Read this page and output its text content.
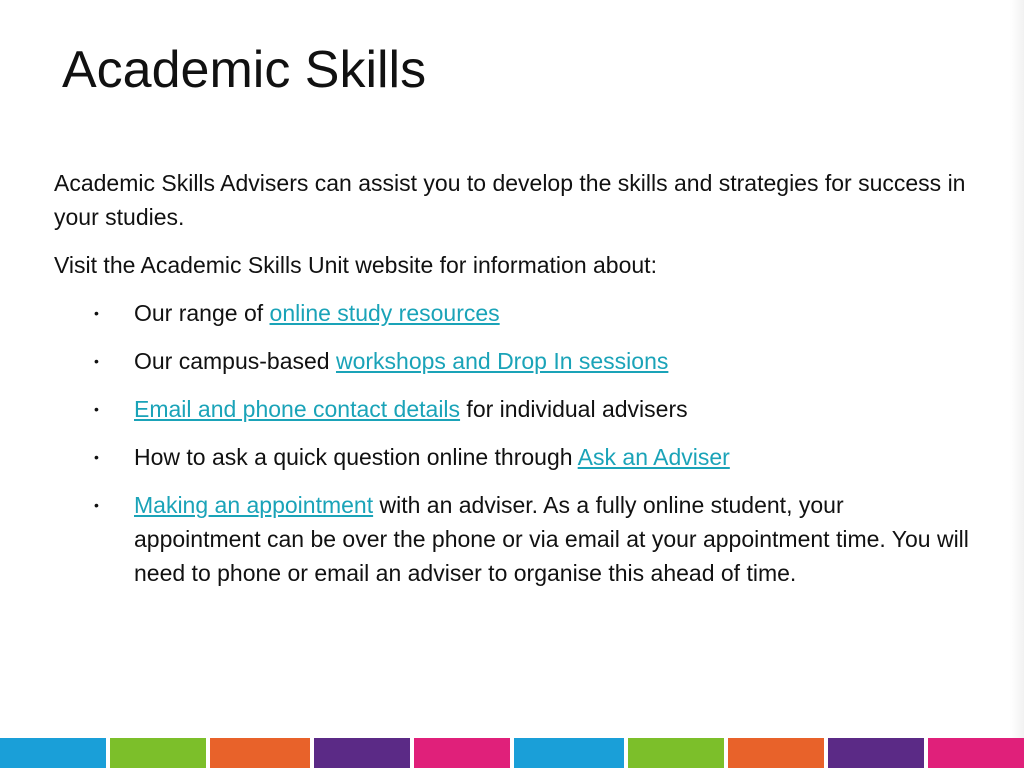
Academic Skills

Academic Skills Advisers can assist you to develop the skills and strategies for success in your studies.

Visit the Academic Skills Unit website for information about:

• Our range of online study resources
• Our campus-based workshops and Drop In sessions
• Email and phone contact details for individual advisers
• How to ask a quick question online through Ask an Adviser
• Making an appointment with an adviser. As a fully online student, your appointment can be over the phone or via email at your appointment time. You will need to phone or email an adviser to organise this ahead of time.
